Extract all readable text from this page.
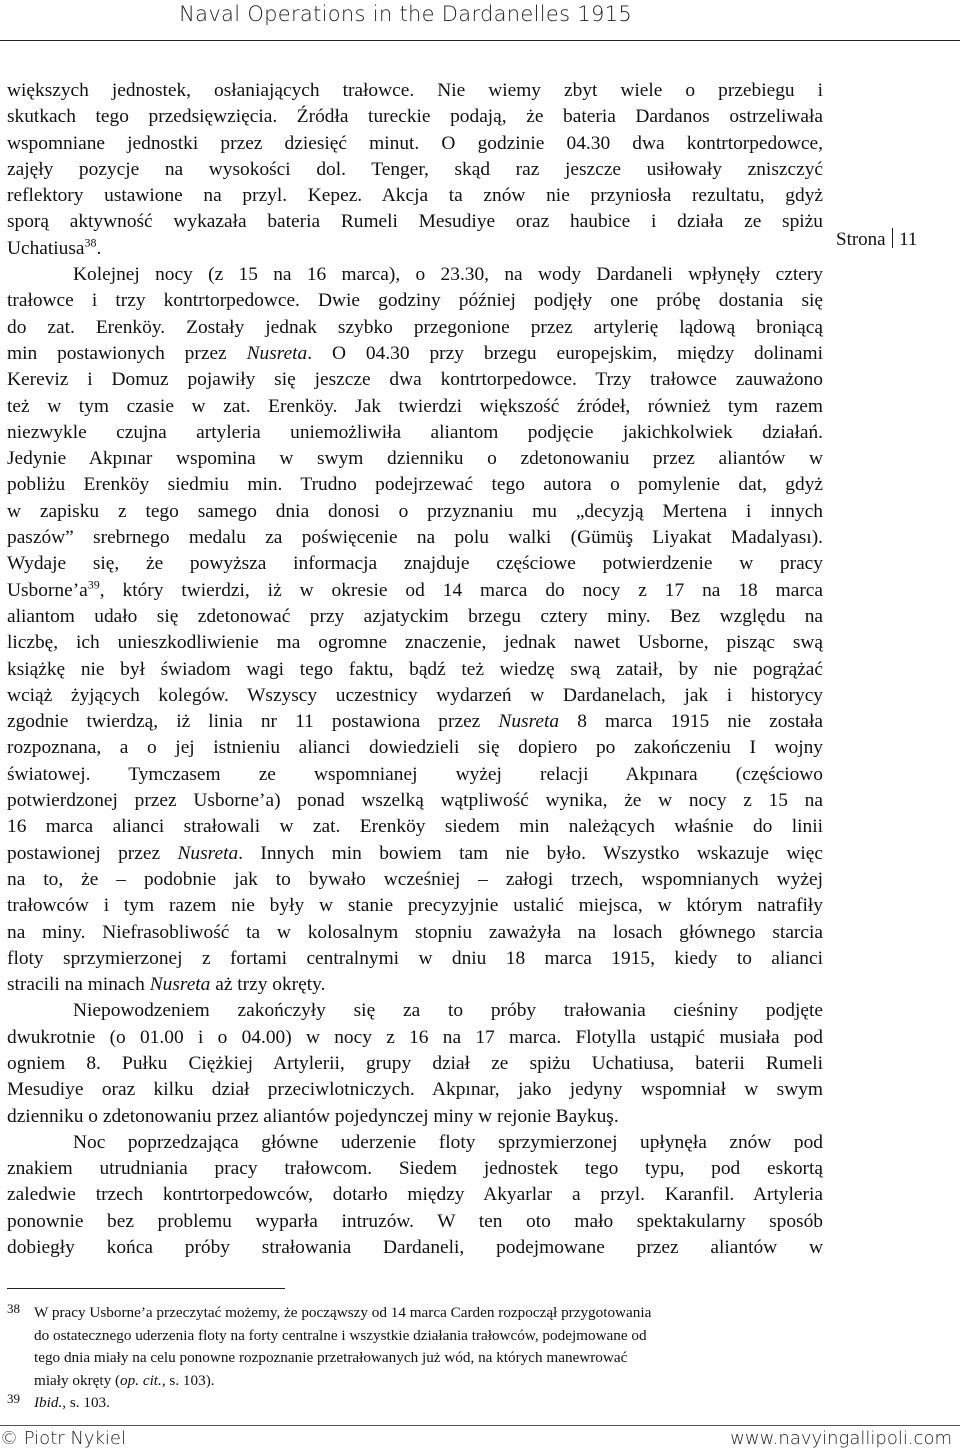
Naval Operations in the Dardanelles 1915
Strona 11
większych jednostek, osłaniających trałowce. Nie wiemy zbyt wiele o przebiegu i
skutkach tego przedsięwzięcia. Źródła tureckie podają, że bateria Dardanos ostrzeliwała
wspomniane jednostki przez dziesięć minut. O godzinie 04.30 dwa kontrtorpedowce,
zajęły pozycje na wysokości dol. Tenger, skąd raz jeszcze usiłowały zniszczyć
reflektory ustawione na przyl. Kepez. Akcja ta znów nie przyniosła rezultatu, gdyż
sporą aktywność wykazała bateria Rumeli Mesudiye oraz haubice i działa ze spiżu
Uchatiusa$^{38}$.
Kolejnej nocy (z 15 na 16 marca), o 23.30, na wody Dardaneli wpłynęły cztery
trałowce i trzy kontrtorpedowce. Dwie godziny później podjęły one próbę dostania się
do zat. Erenköy. Zostały jednak szybko przegonione przez artylerię lądową broniącą
min postawionych przez Nusreta. O 04.30 przy brzegu europejskim, między dolinami
Kereviz i Domuz pojawiły się jeszcze dwa kontrtorpedowce. Trzy trałowce zauważono
też w tym czasie w zat. Erenköy. Jak twierdzi większość źródeł, również tym razem
niezwykle czujna artyleria uniemożliwiła aliantom podjęcie jakichkolwiek działań.
Jedynie Akpınar wspomina w swym dzienniku o zdetonowaniu przez aliantów w
pobliżu Erenköy siedmiu min. Trudno podejrzewać tego autora o pomylenie dat, gdyż
w zapisku z tego samego dnia donosi o przyznaniu mu „decyzją Mertena i innych
paszów” srebrnego medalu za poświęcenie na polu walki (Gümüş Liyakat Madalyası).
Wydaje się, że powyższa informacja znajduje częściowe potwierdzenie w pracy
$Usborne’a^{39}$, który twierdzi, iż w okresie od 14 marca do nocy z 17 na 18 marca
aliantom udało się zdetonować przy azjatyckim brzegu cztery miny. Bez względu na
liczbę, ich unieszkodliwienie ma ogromne znaczenie, jednak nawet Usborne, pisząc swą
książkę nie był świadom wagi tego faktu, bądź też wiedzę swą zataił, by nie pogrążać
wciąż żyjących kolegów. Wszyscy uczestnicy wydarzeń w Dardanelach, jak i historycy
zgodnie twierdzą, iż linia nr 11 postawiona przez Nusreta 8 marca 1915 nie została
rozpoznana, a o jej istnieniu alianci dowiedzieli się dopiero po zakończeniu I wojny
światowej. Tymczasem ze wspomnianej wyżej relacji Akpınara (częściowo
potwierdzonej przez Usborne’a) ponad wszelką wątpliwość wynika, że w nocy z 15 na
16 marca alianci strałowali w zat. Erenköy siedem min należących właśnie do linii
postawionej przez Nusreta. Innych min bowiem tam nie było. Wszystko wskazuje więc
na to, że – podobnie jak to bywało wcześniej – załogi trzech, wspomnianych wyżej
trałowców i tym razem nie były w stanie precyzyjnie ustalić miejsca, w którym natrafiły
na miny. Niefrasobliwość ta w kolosalnym stopniu zaważyła na losach głównego starcia
floty sprzymierzonej z fortami centralnymi w dniu 18 marca 1915, kiedy to alianci
stracili na minach Nusreta aż trzy okręty.
Niepowodzeniem zakończyły się za to próby trałowania cieśniny podjęte
dwukrotnie (o 01.00 i o 04.00) w nocy z 16 na 17 marca. Flotylla ustąpić musiała pod
ogniem 8. Pułku Ciężkiej Artylerii, grupy dział ze spiżu Uchatiusa, baterii Rumeli
Mesudiye oraz kilku dział przeciwlotniczych. Akpınar, jako jedyny wspomniał w swym
dzienniku o zdetonowaniu przez aliantów pojedynczej miny w rejonie Baykuş.
Noc poprzedzająca główne uderzenie floty sprzymierzonej upłynęła znów pod
znakiem utrudniania pracy trałowcom. Siedem jednostek tego typu, pod eskortą
zaledwie trzech kontrtorpedowców, dotarło między Akyarlar a przyl. Karanfil. Artyleria
ponownie bez problemu wyparła intruzów. W ten oto mało spektakularny sposób
dobiegły końca próby strałowania Dardaneli, podejmowane przez aliantów w
38 W pracy Usborne’a przeczytać możemy, że począwszy od 14 marca Carden rozpoczął przygotowania
do ostatecznego uderzenia floty na forty centralne i wszystkie działania trałowców, podejmowane od
tego dnia miały na celu ponowne rozpoznanie przetrałowanych już wód, na których manewrować
miały okręty (op. cit., s. 103).
39 Ibid., s. 103.
© Piotr Nykiel	www.navyingallipoli.com
